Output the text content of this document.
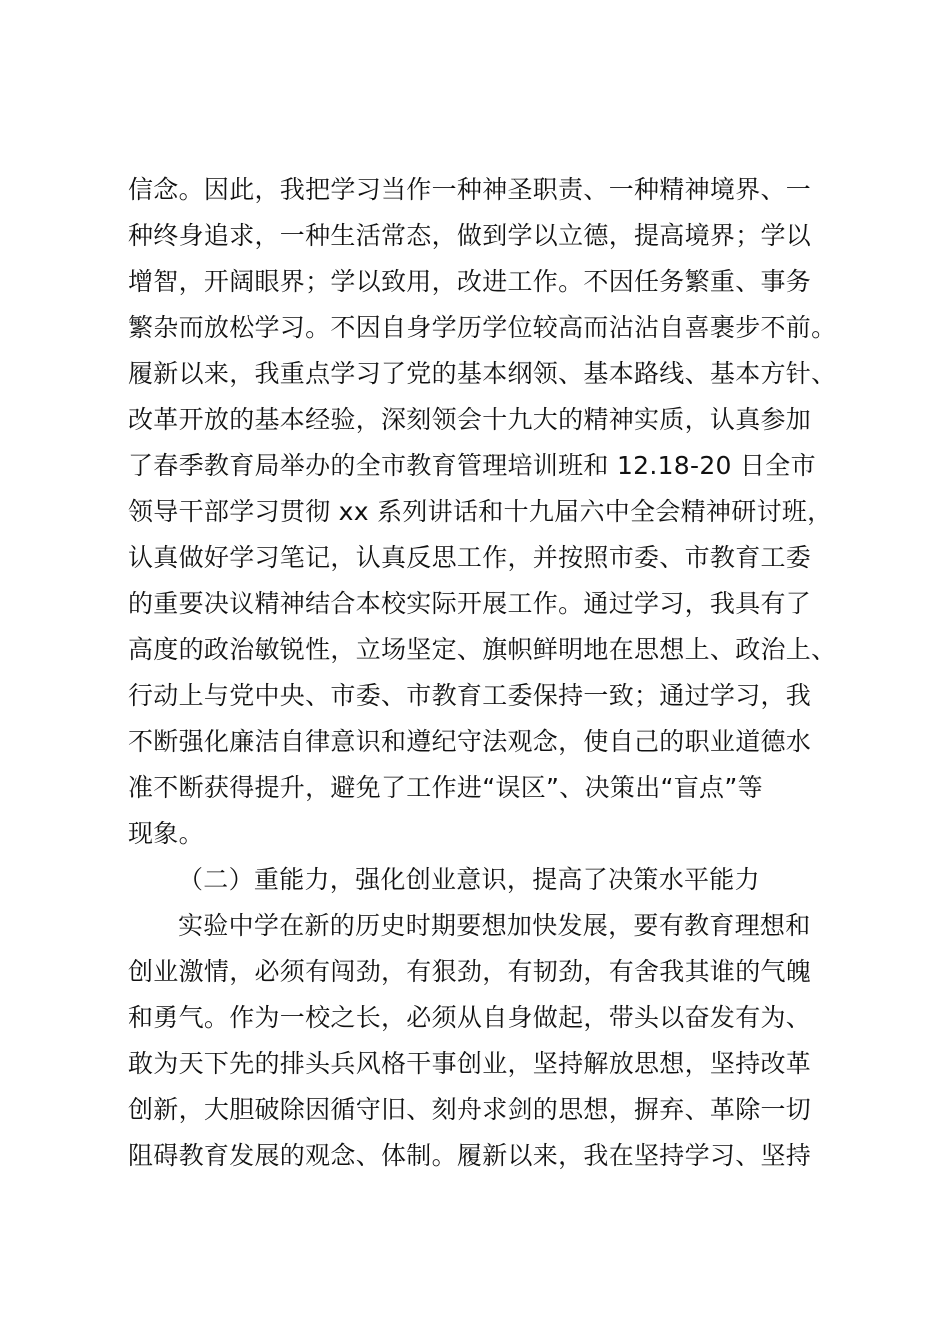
信念。因此，我把学习当作一种神圣职责、一种精神境界、一
种终身追求，一种生活常态，做到学以立德，提高境界；学以
增智，开阔眼界；学以致用，改进工作。不因任务繁重、事务
繁杂而放松学习。不因自身学历学位较高而沾沾自喜裹步不前。
履新以来，我重点学习了党的基本纲领、基本路线、基本方针、
改革开放的基本经验，深刻领会十九大的精神实质，认真参加
了春季教育局举办的全市教育管理培训班和 12.18-20 日全市
领导干部学习贯彻 xx 系列讲话和十九届六中全会精神研讨班，
认真做好学习笔记，认真反思工作，并按照市委、市教育工委
的重要决议精神结合本校实际开展工作。通过学习，我具有了
高度的政治敏锐性，立场坚定、旗帜鲜明地在思想上、政治上、
行动上与党中央、市委、市教育工委保持一致；通过学习，我
不断强化廉洁自律意识和遵纪守法观念，使自己的职业道德水
准不断获得提升，避免了工作进“误区”、决策出“盲点”等
现象。
（二）重能力，强化创业意识，提高了决策水平能力
实验中学在新的历史时期要想加快发展，要有教育理想和
创业激情，必须有闯劲，有狠劲，有韧劲，有舍我其谁的气魄
和勇气。作为一校之长，必须从自身做起，带头以奋发有为、
敢为天下先的排头兵风格干事创业，坚持解放思想，坚持改革
创新，大胆破除因循守旧、刻舟求剑的思想，摒弃、革除一切
阻碍教育发展的观念、体制。履新以来，我在坚持学习、坚持
